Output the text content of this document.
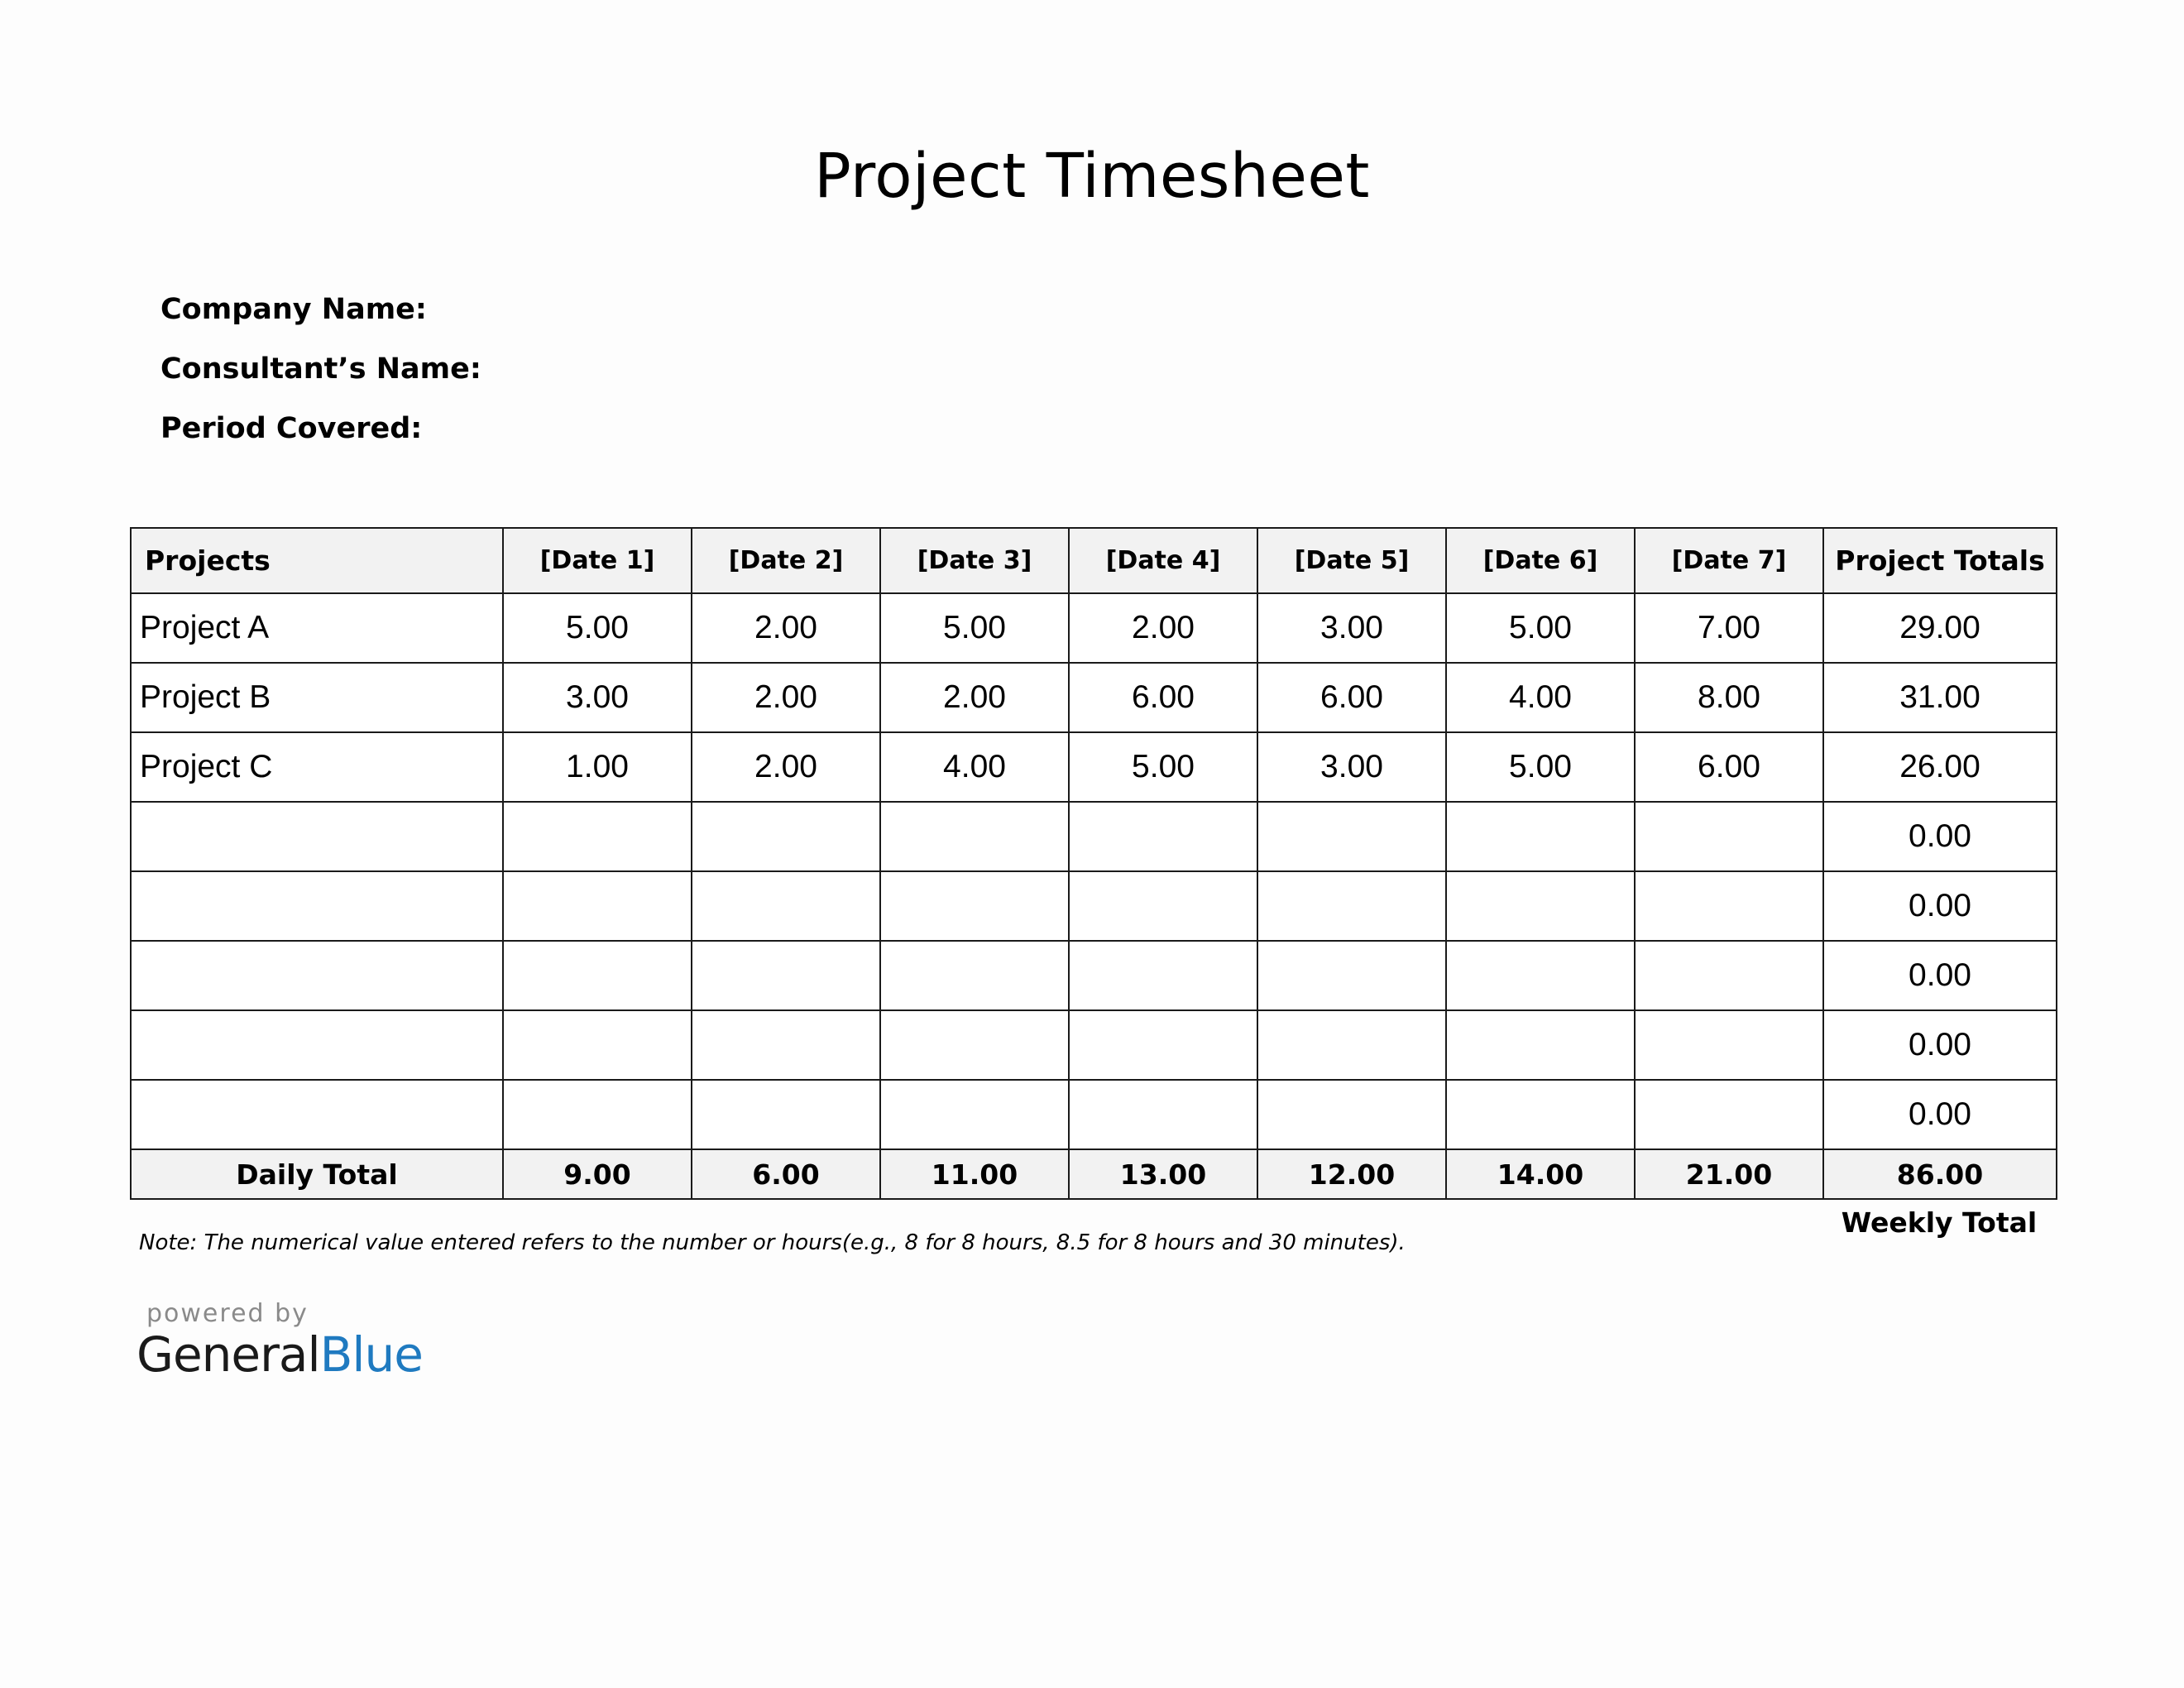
Project Timesheet
Company Name:
Consultant’s Name:
Period Covered:
Projects	[Date 1]	[Date 2]	[Date 3]	[Date 4]	[Date 5]	[Date 6]	[Date 7]	Project Totals
Project A	5.00	2.00	5.00	2.00	3.00	5.00	7.00	29.00
Project B	3.00	2.00	2.00	6.00	6.00	4.00	8.00	31.00
Project C	1.00	2.00	4.00	5.00	3.00	5.00	6.00	26.00
								0.00
								0.00
								0.00
								0.00
								0.00
Daily Total	9.00	6.00	11.00	13.00	12.00	14.00	21.00	86.00
Weekly Total
Note: The numerical value entered refers to the number or hours(e.g., 8 for 8 hours, 8.5 for 8 hours and 30 minutes).
powered by
GeneralBlue
